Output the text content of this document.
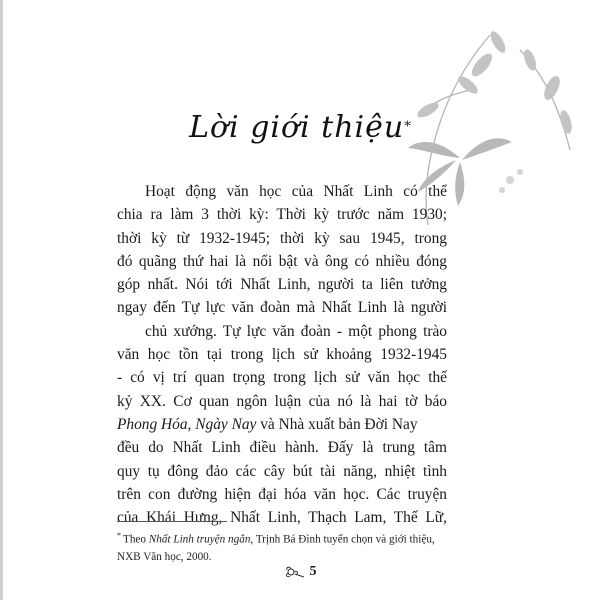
Lời giới thiệu*
Hoạt động văn học của Nhất Linh có thể
chia ra làm 3 thời kỳ: Thời kỳ trước năm 1930;
thời kỳ từ 1932-1945; thời kỳ sau 1945, trong
đó quãng thứ hai là nổi bật và ông có nhiều đóng
góp nhất. Nói tới Nhất Linh, người ta liên tưởng
ngay đến Tự lực văn đoàn mà Nhất Linh là người
chủ xướng. Tự lực văn đoàn - một phong trào
văn học tồn tại trong lịch sử khoảng 1932-1945
- có vị trí quan trọng trong lịch sử văn học thế
kỷ XX. Cơ quan ngôn luận của nó là hai tờ báo
Phong Hóa, Ngày Nay và Nhà xuất bản Đời Nay
đều do Nhất Linh điều hành. Đấy là trung tâm
quy tụ đông đảo các cây bút tài năng, nhiệt tình
trên con đường hiện đại hóa văn học. Các truyện
của Khái Hưng, Nhất Linh, Thạch Lam, Thế Lữ,
* Theo Nhất Linh truyện ngắn, Trịnh Bá Đình tuyển chọn và giới thiệu,
NXB Văn học, 2000.
5
